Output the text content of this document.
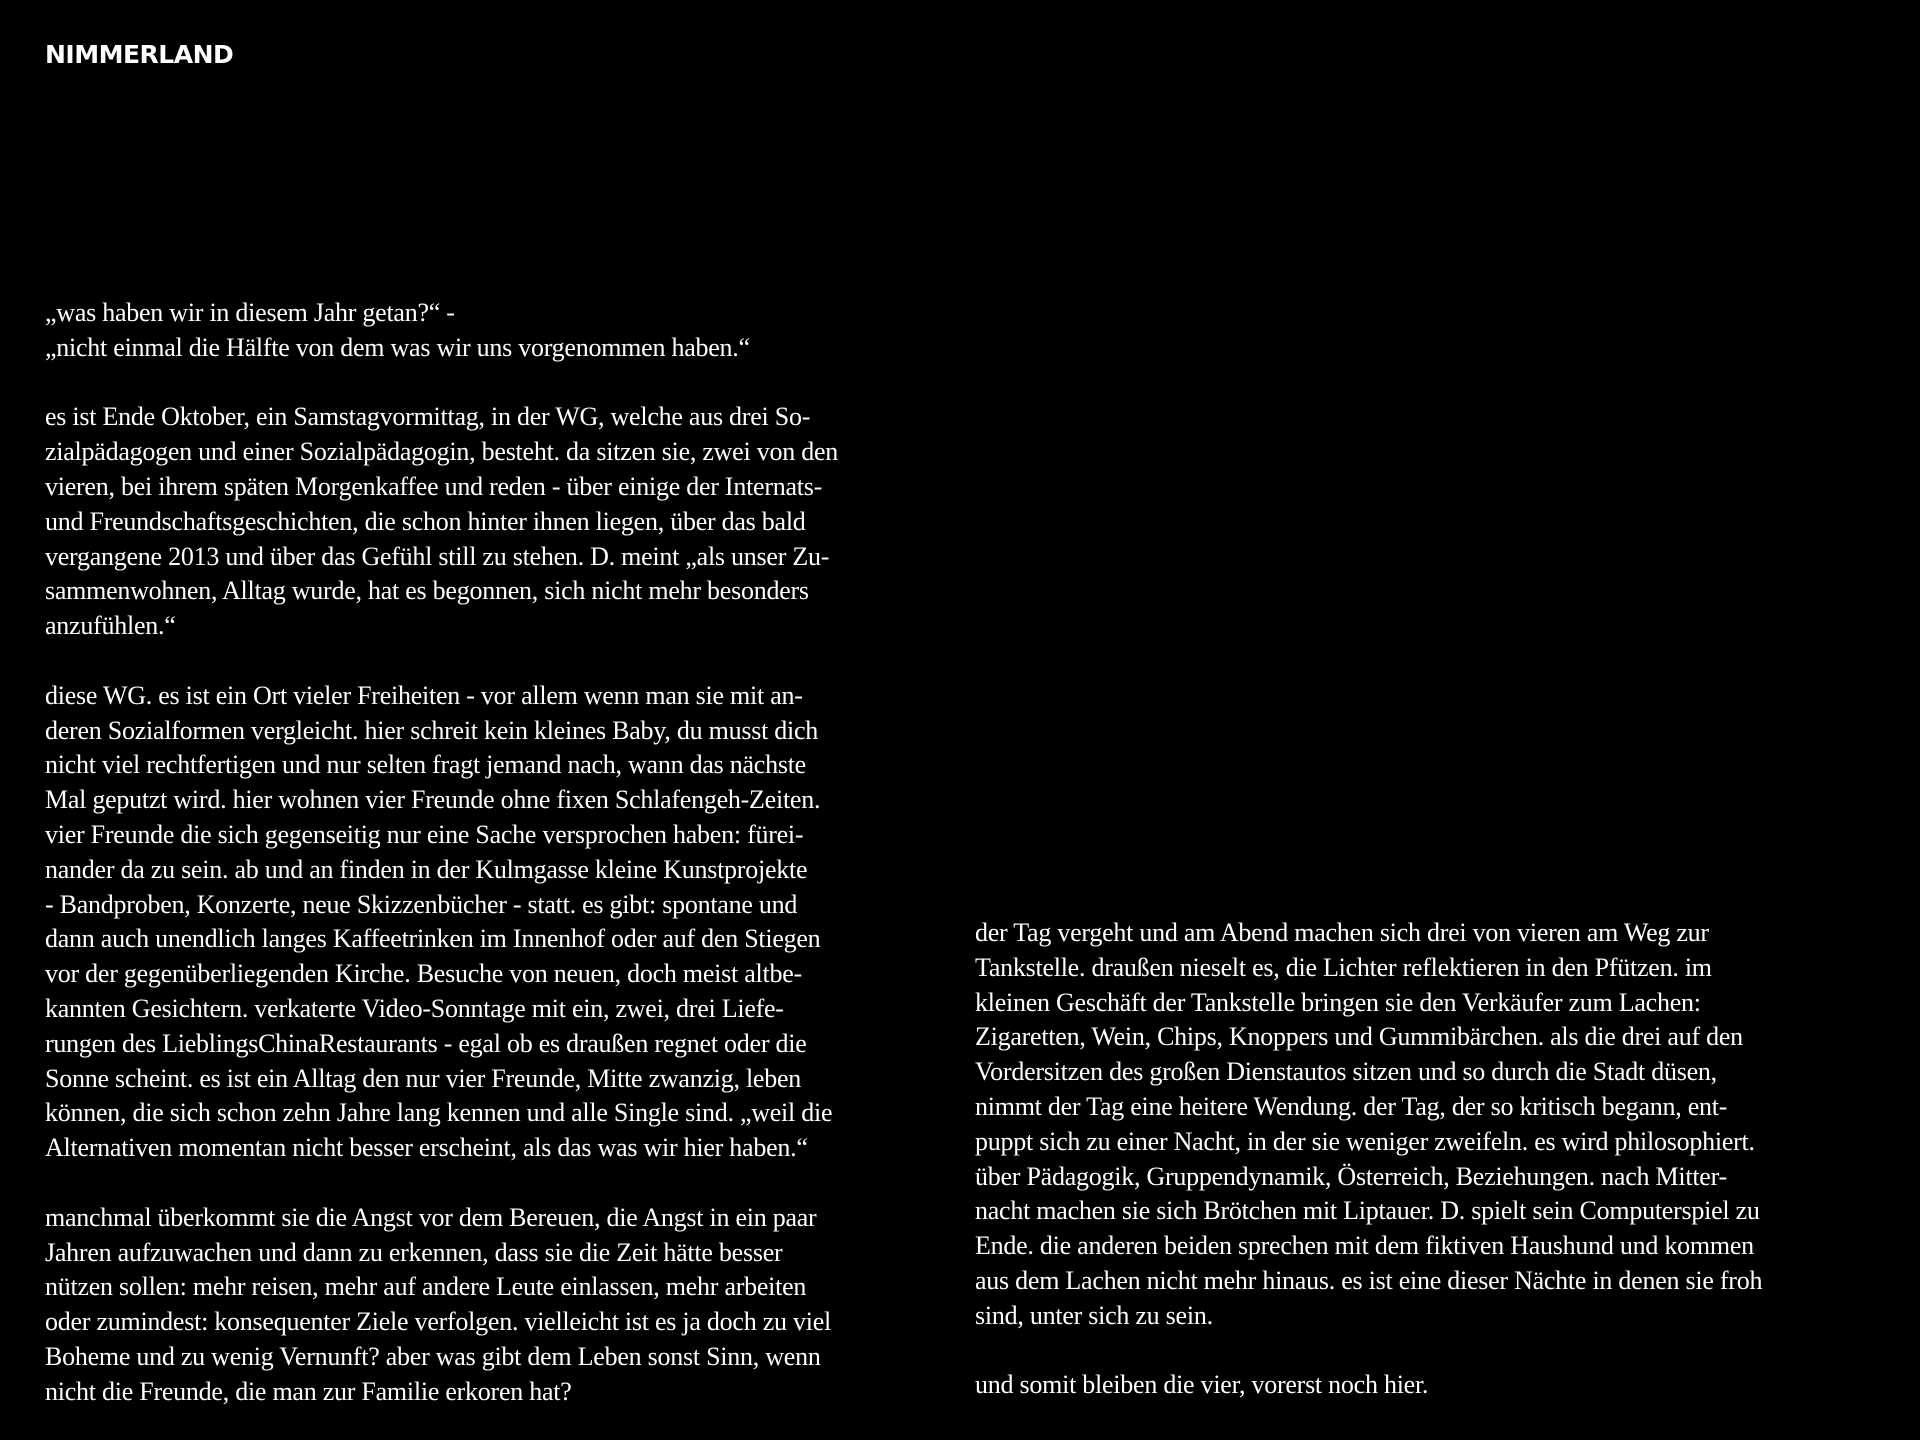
NIMMERLAND

„was haben wir in diesem Jahr getan?“ -
„nicht einmal die Hälfte von dem was wir uns vorgenommen haben.“

es ist Ende Oktober, ein Samstagvormittag, in der WG, welche aus drei So-
zialpädagogen und einer Sozialpädagogin, besteht. da sitzen sie, zwei von den
vieren, bei ihrem späten Morgenkaffee und reden - über einige der Internats-
und Freundschaftsgeschichten, die schon hinter ihnen liegen, über das bald
vergangene 2013 und über das Gefühl still zu stehen. D. meint „als unser Zu-
sammenwohnen, Alltag wurde, hat es begonnen, sich nicht mehr besonders
anzufühlen.“

diese WG. es ist ein Ort vieler Freiheiten - vor allem wenn man sie mit an-
deren Sozialformen vergleicht. hier schreit kein kleines Baby, du musst dich
nicht viel rechtfertigen und nur selten fragt jemand nach, wann das nächste
Mal geputzt wird. hier wohnen vier Freunde ohne fixen Schlafengeh-Zeiten.
vier Freunde die sich gegenseitig nur eine Sache versprochen haben: fürei-
nander da zu sein. ab und an finden in der Kulmgasse kleine Kunstprojekte
- Bandproben, Konzerte, neue Skizzenbücher - statt. es gibt: spontane und
dann auch unendlich langes Kaffeetrinken im Innenhof oder auf den Stiegen
vor der gegenüberliegenden Kirche. Besuche von neuen, doch meist altbe-
kannten Gesichtern. verkaterte Video-Sonntage mit ein, zwei, drei Liefe-
rungen des LieblingsChinaRestaurants - egal ob es draußen regnet oder die
Sonne scheint. es ist ein Alltag den nur vier Freunde, Mitte zwanzig, leben
können, die sich schon zehn Jahre lang kennen und alle Single sind. „weil die
Alternativen momentan nicht besser erscheint, als das was wir hier haben.“

manchmal überkommt sie die Angst vor dem Bereuen, die Angst in ein paar
Jahren aufzuwachen und dann zu erkennen, dass sie die Zeit hätte besser
nützen sollen: mehr reisen, mehr auf andere Leute einlassen, mehr arbeiten
oder zumindest: konsequenter Ziele verfolgen. vielleicht ist es ja doch zu viel
Boheme und zu wenig Vernunft? aber was gibt dem Leben sonst Sinn, wenn
nicht die Freunde, die man zur Familie erkoren hat?

der Tag vergeht und am Abend machen sich drei von vieren am Weg zur
Tankstelle. draußen nieselt es, die Lichter reflektieren in den Pfützen. im
kleinen Geschäft der Tankstelle bringen sie den Verkäufer zum Lachen:
Zigaretten, Wein, Chips, Knoppers und Gummibärchen. als die drei auf den
Vordersitzen des großen Dienstautos sitzen und so durch die Stadt düsen,
nimmt der Tag eine heitere Wendung. der Tag, der so kritisch begann, ent-
puppt sich zu einer Nacht, in der sie weniger zweifeln. es wird philosophiert.
über Pädagogik, Gruppendynamik, Österreich, Beziehungen. nach Mitter-
nacht machen sie sich Brötchen mit Liptauer. D. spielt sein Computerspiel zu
Ende. die anderen beiden sprechen mit dem fiktiven Haushund und kommen
aus dem Lachen nicht mehr hinaus. es ist eine dieser Nächte in denen sie froh
sind, unter sich zu sein.

und somit bleiben die vier, vorerst noch hier.
